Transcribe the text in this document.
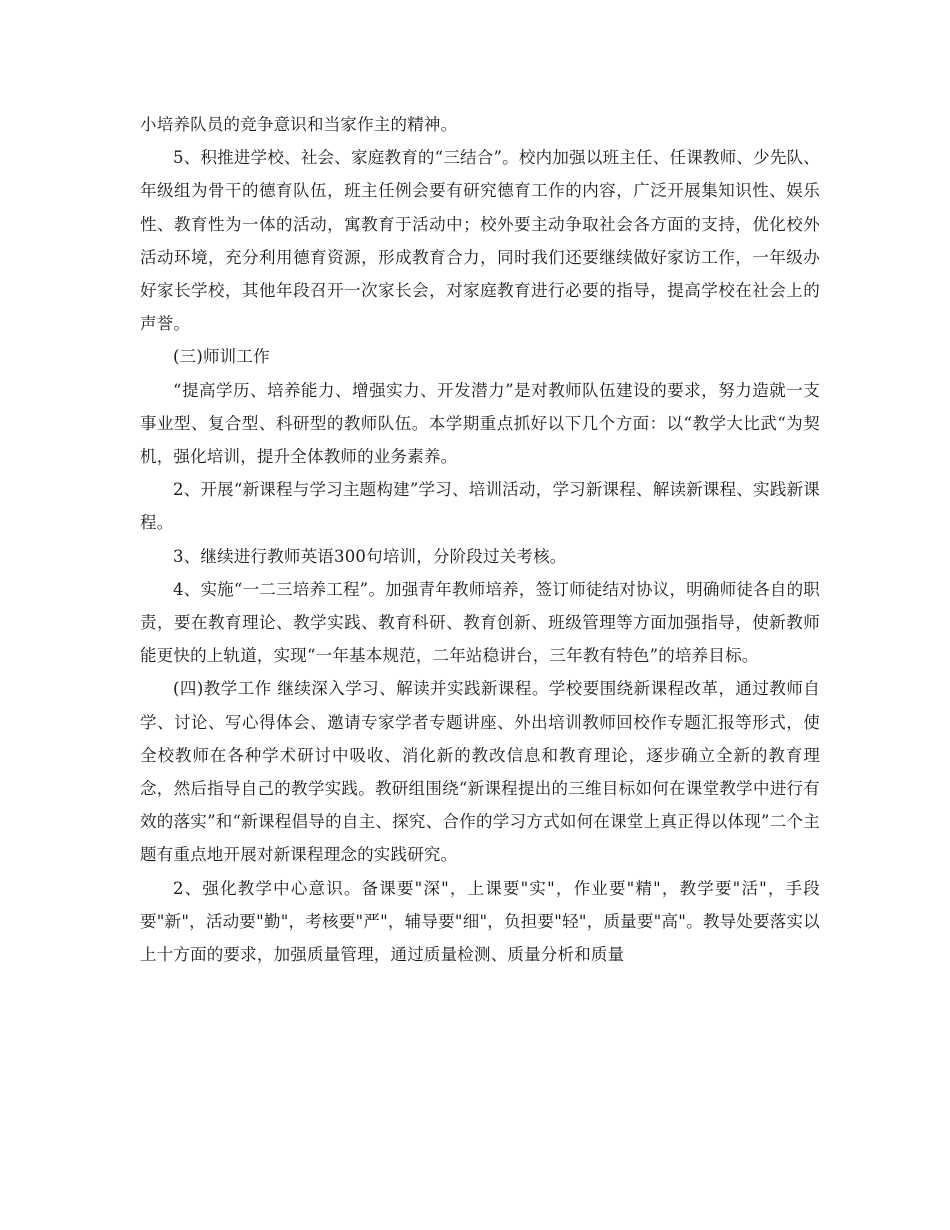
小培养队员的竞争意识和当家作主的精神。

5、积推进学校、社会、家庭教育的“三结合”。校内加强以班主任、任课教师、少先队、年级组为骨干的德育队伍，班主任例会要有研究德育工作的内容，广泛开展集知识性、娱乐性、教育性为一体的活动，寓教育于活动中；校外要主动争取社会各方面的支持，优化校外活动环境，充分利用德育资源，形成教育合力，同时我们还要继续做好家访工作，一年级办好家长学校，其他年段召开一次家长会，对家庭教育进行必要的指导，提高学校在社会上的声誉。

(三)师训工作

“提高学历、培养能力、增强实力、开发潜力”是对教师队伍建设的要求，努力造就一支事业型、复合型、科研型的教师队伍。本学期重点抓好以下几个方面：以“教学大比武“为契机，强化培训，提升全体教师的业务素养。

2、开展“新课程与学习主题构建”学习、培训活动，学习新课程、解读新课程、实践新课程。

3、继续进行教师英语300句培训，分阶段过关考核。

4、实施“一二三培养工程”。加强青年教师培养，签订师徒结对协议，明确师徒各自的职责，要在教育理论、教学实践、教育科研、教育创新、班级管理等方面加强指导，使新教师能更快的上轨道，实现“一年基本规范，二年站稳讲台，三年教有特色”的培养目标。

(四)教学工作 继续深入学习、解读并实践新课程。学校要围绕新课程改革，通过教师自学、讨论、写心得体会、邀请专家学者专题讲座、外出培训教师回校作专题汇报等形式，使全校教师在各种学术研讨中吸收、消化新的教改信息和教育理论，逐步确立全新的教育理念，然后指导自己的教学实践。教研组围绕“新课程提出的三维目标如何在课堂教学中进行有效的落实”和“新课程倡导的自主、探究、合作的学习方式如何在课堂上真正得以体现”二个主题有重点地开展对新课程理念的实践研究。

2、强化教学中心意识。备课要"深"，上课要"实"，作业要"精"，教学要"活"，手段要"新"，活动要"勤"，考核要"严"，辅导要"细"，负担要"轻"，质量要"高"。教导处要落实以上十方面的要求，加强质量管理，通过质量检测、质量分析和质量
